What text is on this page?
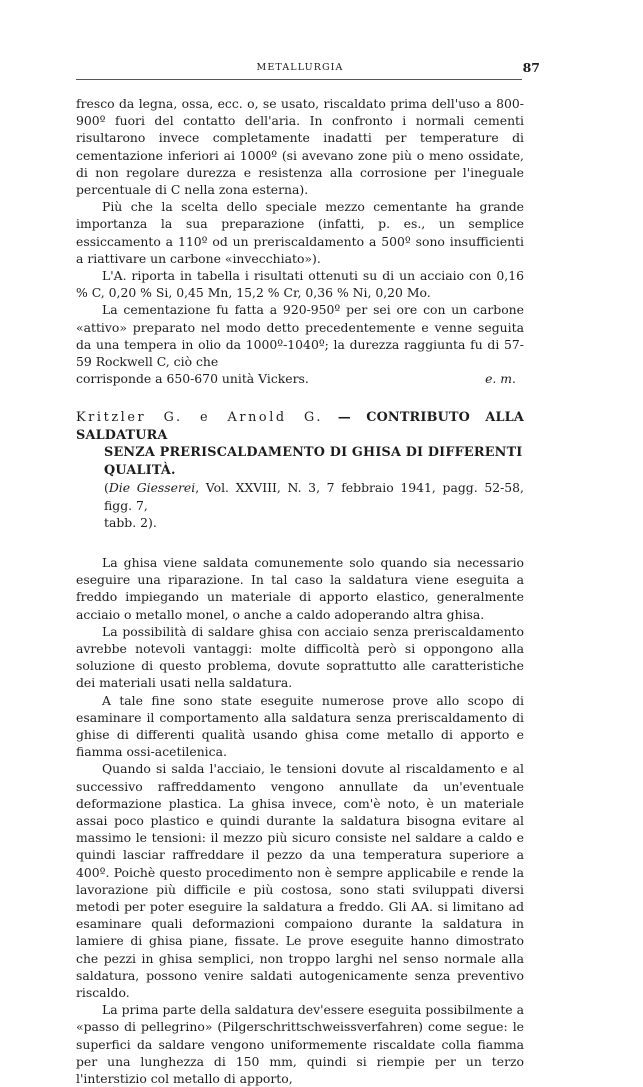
METALLURGIA	87

fresco da legna, ossa, ecc. o, se usato, riscaldato prima dell'uso a 800-900º fuori del contatto dell'aria. In confronto i normali cementi risultarono invece completamente inadatti per temperature di cementazione inferiori ai 1000º (si avevano zone più o meno ossidate, di non regolare durezza e resistenza alla corrosione per l'ineguale percentuale di C nella zona esterna).

Più che la scelta dello speciale mezzo cementante ha grande importanza la sua preparazione (infatti, p. es., un semplice essiccamento a 110º od un preriscaldamento a 500º sono insufficienti a riattivare un carbone «invecchiato»).

L'A. riporta in tabella i risultati ottenuti su di un acciaio con 0,16 % C, 0,20 % Si, 0,45 Mn, 15,2 % Cr, 0,36 % Ni, 0,20 Mo.

La cementazione fu fatta a 920-950º per sei ore con un carbone «attivo» preparato nel modo detto precedentemente e venne seguita da una tempera in olio da 1000º-1040º; la durezza raggiunta fu di 57-59 Rockwell C, ciò che

corrisponde a 650-670 unità Vickers.	e. m.
Kritzler G. e Arnold G. — CONTRIBUTO ALLA SALDATURA
SENZA PRERISCALDAMENTO DI GHISA DI DIFFERENTI QUALITÀ.
(Die Giesserei, Vol. XXVIII, N. 3, 7 febbraio 1941, pagg. 52-58, figg. 7,
tabb. 2).

La ghisa viene saldata comunemente solo quando sia necessario eseguire una riparazione. In tal caso la saldatura viene eseguita a freddo impiegando un materiale di apporto elastico, generalmente acciaio o metallo monel, o anche a caldo adoperando altra ghisa.

La possibilità di saldare ghisa con acciaio senza preriscaldamento avrebbe notevoli vantaggi: molte difficoltà però si oppongono alla soluzione di questo problema, dovute soprattutto alle caratteristiche dei materiali usati nella saldatura.

A tale fine sono state eseguite numerose prove allo scopo di esaminare il comportamento alla saldatura senza preriscaldamento di ghise di differenti qualità usando ghisa come metallo di apporto e fiamma ossi-acetilenica.

Quando si salda l'acciaio, le tensioni dovute al riscaldamento e al successivo raffreddamento vengono annullate da un'eventuale deformazione plastica. La ghisa invece, com'è noto, è un materiale assai poco plastico e quindi durante la saldatura bisogna evitare al massimo le tensioni: il mezzo più sicuro consiste nel saldare a caldo e quindi lasciar raffreddare il pezzo da una temperatura superiore a 400º. Poichè questo procedimento non è sempre applicabile e rende la lavorazione più difficile e più costosa, sono stati sviluppati diversi metodi per poter eseguire la saldatura a freddo. Gli AA. si limitano ad esaminare quali deformazioni compaiono durante la saldatura in lamiere di ghisa piane, fissate. Le prove eseguite hanno dimostrato che pezzi in ghisa semplici, non troppo larghi nel senso normale alla saldatura, possono venire saldati autogenicamente senza preventivo riscaldo.

La prima parte della saldatura dev'essere eseguita possibilmente a «passo di pellegrino» (Pilgerschrittschweissverfahren) come segue: le superfici da saldare vengono uniformemente riscaldate colla fiamma per una lunghezza di 150 mm, quindi si riempie per un terzo l'interstizio col metallo di apporto,
